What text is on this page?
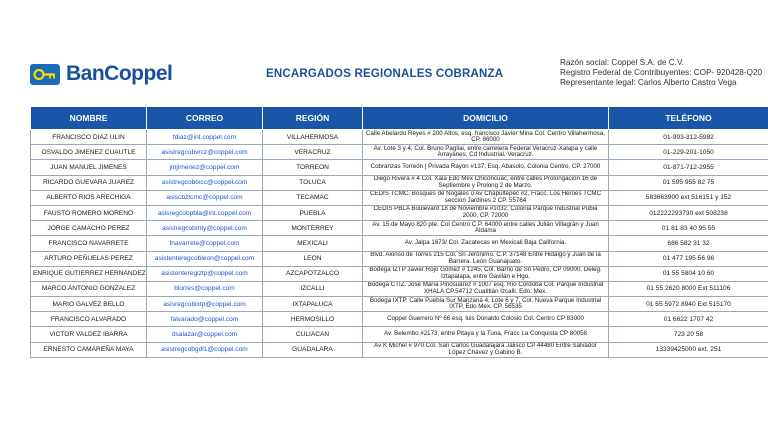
BanCoppel	ENCARGADOS REGIONALES COBRANZA
Razón social: Coppel S.A. de C.V.
Registro Federal de Contribuyentes: COP- 920428-Q20
Representante legal: Carlos Alberto Castro Vega
NOMBRE	CORREO	REGIÓN	DOMICILIO	TELÉFONO
FRANCISCO DIAZ ULIN	fdiaz@int.coppel.com	VILLAHERMOSA	Calle Abelardo Reyes # 200 Altos, esq. francisco Javier Mina Col. Centro Villahermosa, CP. 86000	01-993-312-5982
OSVALDO JIMENEZ CUAUTLE	asistregcobvrcz@coppel.com	VERACRUZ	Av. Lote 3 y 4, Col. Bruno Pagliai, entre carretera Federal Veracruz-Xalapa y calle Arrayanes, Cd Industrial, Veracruz.	01-229-201-1050
JUAN MANUEL JIMENES	jmjimenez@coppel.com	TORREON	Cobranzas Torreón | Privada Rayon #137, Esq. Abasolo, Colonia Centro, CP. 27000	01-871-712-2955
RICARDO GUEVARA JUAREZ	asistregcobtxcc@coppel.com	TOLUCA	Diego Rivera # 4 Col. Xala Edo Méx Chiconcuac, entre calles Prolongación 16 de Septiembre y Prolong 2 de Marzo.	01 595 955 82 75
ALBERTO RIOS ARECHIGA	asiscbztcmc@coppel.com	TECAMAC	CEDIS TCMC. Bosques de Nogales o Av Chapultepec #2, Fracc. Los Heroes TCMC seccion Jardines 2 CP. 55764	583663900 ext 516151 y 152
FAUSTO ROMERO MORENO	asisregcobpbla@int.coppel.com	PUEBLA	CEDIS PBLA Boulevard 18 de Noviembre #1032, Colonia Parque Industrial Pubia 2000, CP. 72000	012222293730 ext 508238
JORGE CAMACHO PEREZ	asistregcobmty@coppel.com	MONTERREY	Av. 15 de Mayo 820 pte. Col Centro C.P. 64000 entre calles Julián Villagrán y Juan Aldama	01 81 83 40 95 55
FRANCISCO NAVARRETE	fnavarrete@coppel.com	MEXICALI	Av. Jalpa 1673/ Col. Zacatecas en Mexicali Baja California.	686 582 31 32
ARTURO PEÑUELAS PEREZ	asistenteregcobleon@coppel.com	LEON	Blvd. Alonso de Torres 215 Col. Sn Jerónimo. C.P. 37148 Entre Hidalgo y Juan de la Barrera. León Guanajuato.	01 477 195 56 96
ENRIQUE GUTIERREZ HERNANDEZ	asistenteregiztp@coppel.com	AZCAPOTZALCO	Bodega IZTP Javier Rojo Gómez # 1245, Col. Barrio de Sn Pedro, CP 09000, Deleg. Iztapalapa, entre Gavilán e Hgo.	01 55 5804 10 60
MARCO ANTONIO GONZALEZ	blorres@coppel.com	IZCALLI	Bodega CTIZ. José María Pinosuárez # 1007 esq. Río Córdoba Col. Parque Industrial XHALA CP.54712 Cuatitlán Izcalli. Edo. Mex.	01 55 2620 8000 Ext 511106
MARIO GALVEZ BELLO	asisregcobixtp@coppel.com	IXTAPALUCA	Bodega IXTP. Calle Puebla Sur Manzana 4, Lote 6 y 7, Col. Nueva Parque Industrial IXTP, Edo Mex. CP. 56535	01 55 5972 8940 Ext 515170
FRANCISCO ALVARADO	falvarado@coppel.com	HERMOSILLO	Coppel Guerrero Nº 66 esq. luis Donaldo Colosio Col. Centro CP 83000	01 6622 1707 42
VICTOR VALDEZ IBARRA	dsalazar@coppel.com	CULIACAN	Av. Belembo #2173, entre Pitaya y la Tuna, Fracc La Conquista CP 80058	723 20 58
ERNESTO CAMAREÑA MAYA	asistregcobgdl1@coppel.com	GUADALARA	Av K Michel # 970 Col. San Carlos Guadalajara Jalisco CP 44480 Entre Salvador López Chávez y Gabino B.	13339425000 ext. 251
